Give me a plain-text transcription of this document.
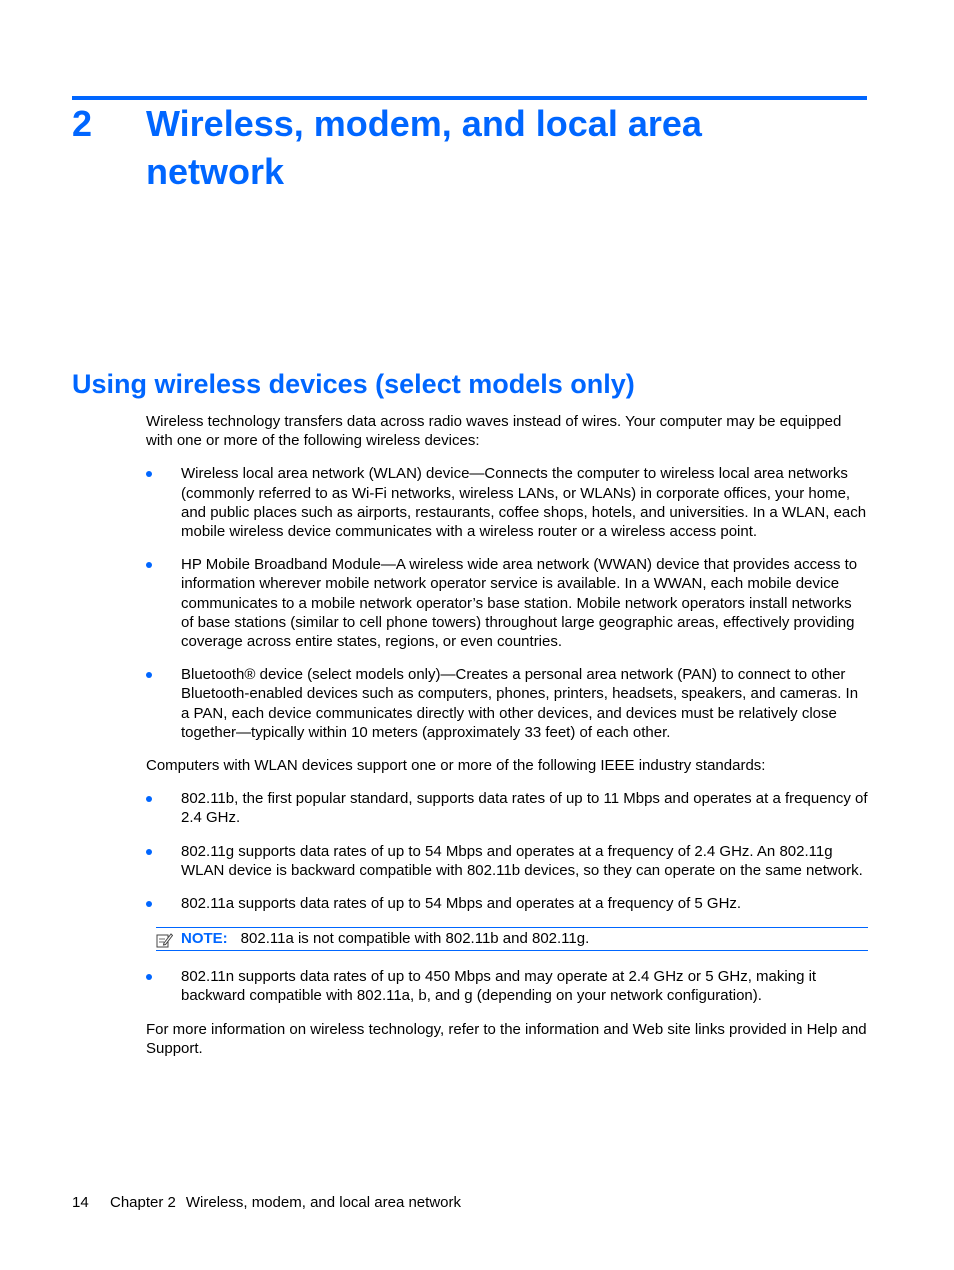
2 Wireless, modem, and local area network
Using wireless devices (select models only)

Wireless technology transfers data across radio waves instead of wires. Your computer may be equipped with one or more of the following wireless devices:

Wireless local area network (WLAN) device—Connects the computer to wireless local area networks (commonly referred to as Wi-Fi networks, wireless LANs, or WLANs) in corporate offices, your home, and public places such as airports, restaurants, coffee shops, hotels, and universities. In a WLAN, each mobile wireless device communicates with a wireless router or a wireless access point.
HP Mobile Broadband Module—A wireless wide area network (WWAN) device that provides access to information wherever mobile network operator service is available. In a WWAN, each mobile device communicates to a mobile network operator’s base station. Mobile network operators install networks of base stations (similar to cell phone towers) throughout large geographic areas, effectively providing coverage across entire states, regions, or even countries.
Bluetooth® device (select models only)—Creates a personal area network (PAN) to connect to other Bluetooth-enabled devices such as computers, phones, printers, headsets, speakers, and cameras. In a PAN, each device communicates directly with other devices, and devices must be relatively close together—typically within 10 meters (approximately 33 feet) of each other.

Computers with WLAN devices support one or more of the following IEEE industry standards:

802.11b, the first popular standard, supports data rates of up to 11 Mbps and operates at a frequency of 2.4 GHz.
802.11g supports data rates of up to 54 Mbps and operates at a frequency of 2.4 GHz. An 802.11g WLAN device is backward compatible with 802.11b devices, so they can operate on the same network.
802.11a supports data rates of up to 54 Mbps and operates at a frequency of 5 GHz.
NOTE: 802.11a is not compatible with 802.11b and 802.11g.
802.11n supports data rates of up to 450 Mbps and may operate at 2.4 GHz or 5 GHz, making it backward compatible with 802.11a, b, and g (depending on your network configuration).

For more information on wireless technology, refer to the information and Web site links provided in Help and Support.

14 Chapter 2 Wireless, modem, and local area network
